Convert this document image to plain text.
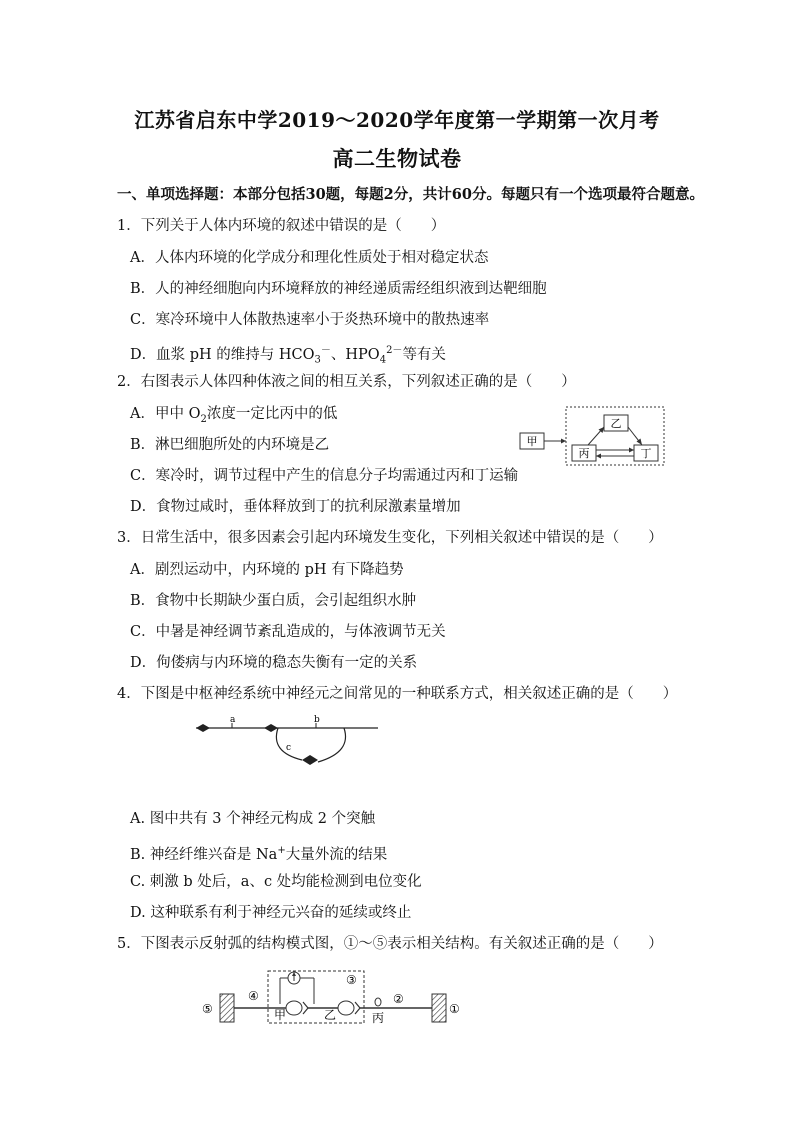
江苏省启东中学2019～2020学年度第一学期第一次月考
高二生物试卷
一、单项选择题：本部分包括30题，每题2分，共计60分。每题只有一个选项最符合题意。
1．下列关于人体内环境的叙述中错误的是（　　）
A．人体内环境的化学成分和理化性质处于相对稳定状态
B．人的神经细胞向内环境释放的神经递质需经组织液到达靶细胞
C．寒冷环境中人体散热速率小于炎热环境中的散热速率
D．血浆 pH 的维持与 $HCO_3^-$、$HPO_4^{2-}$等有关
2．右图表示人体四种体液之间的相互关系，下列叙述正确的是（　　）
A．甲中 $O_2$浓度一定比丙中的低
B．淋巴细胞所处的内环境是乙
C．寒冷时，调节过程中产生的信息分子均需通过丙和丁运输
D．食物过咸时，垂体释放到丁的抗利尿激素量增加
甲
乙
丙	丁
3．日常生活中，很多因素会引起内环境发生变化，下列相关叙述中错误的是（　　）
A．剧烈运动中，内环境的 pH 有下降趋势
B．食物中长期缺少蛋白质，会引起组织水肿
C．中暑是神经调节紊乱造成的，与体液调节无关
D．佝偻病与内环境的稳态失衡有一定的关系
4．下图是中枢神经系统中神经元之间常见的一种联系方式，相关叙述正确的是（　　）
a	b
c
A. 图中共有 3 个神经元构成 2 个突触
B. 神经纤维兴奋是 Na+大量外流的结果
C. 刺激 b 处后，a、c 处均能检测到电位变化
D. 这种联系有利于神经元兴奋的延续或终止
5．下图表示反射弧的结构模式图，①～⑤表示相关结构。有关叙述正确的是（　　）
⑤
④
③
甲	乙	丙
②
①
